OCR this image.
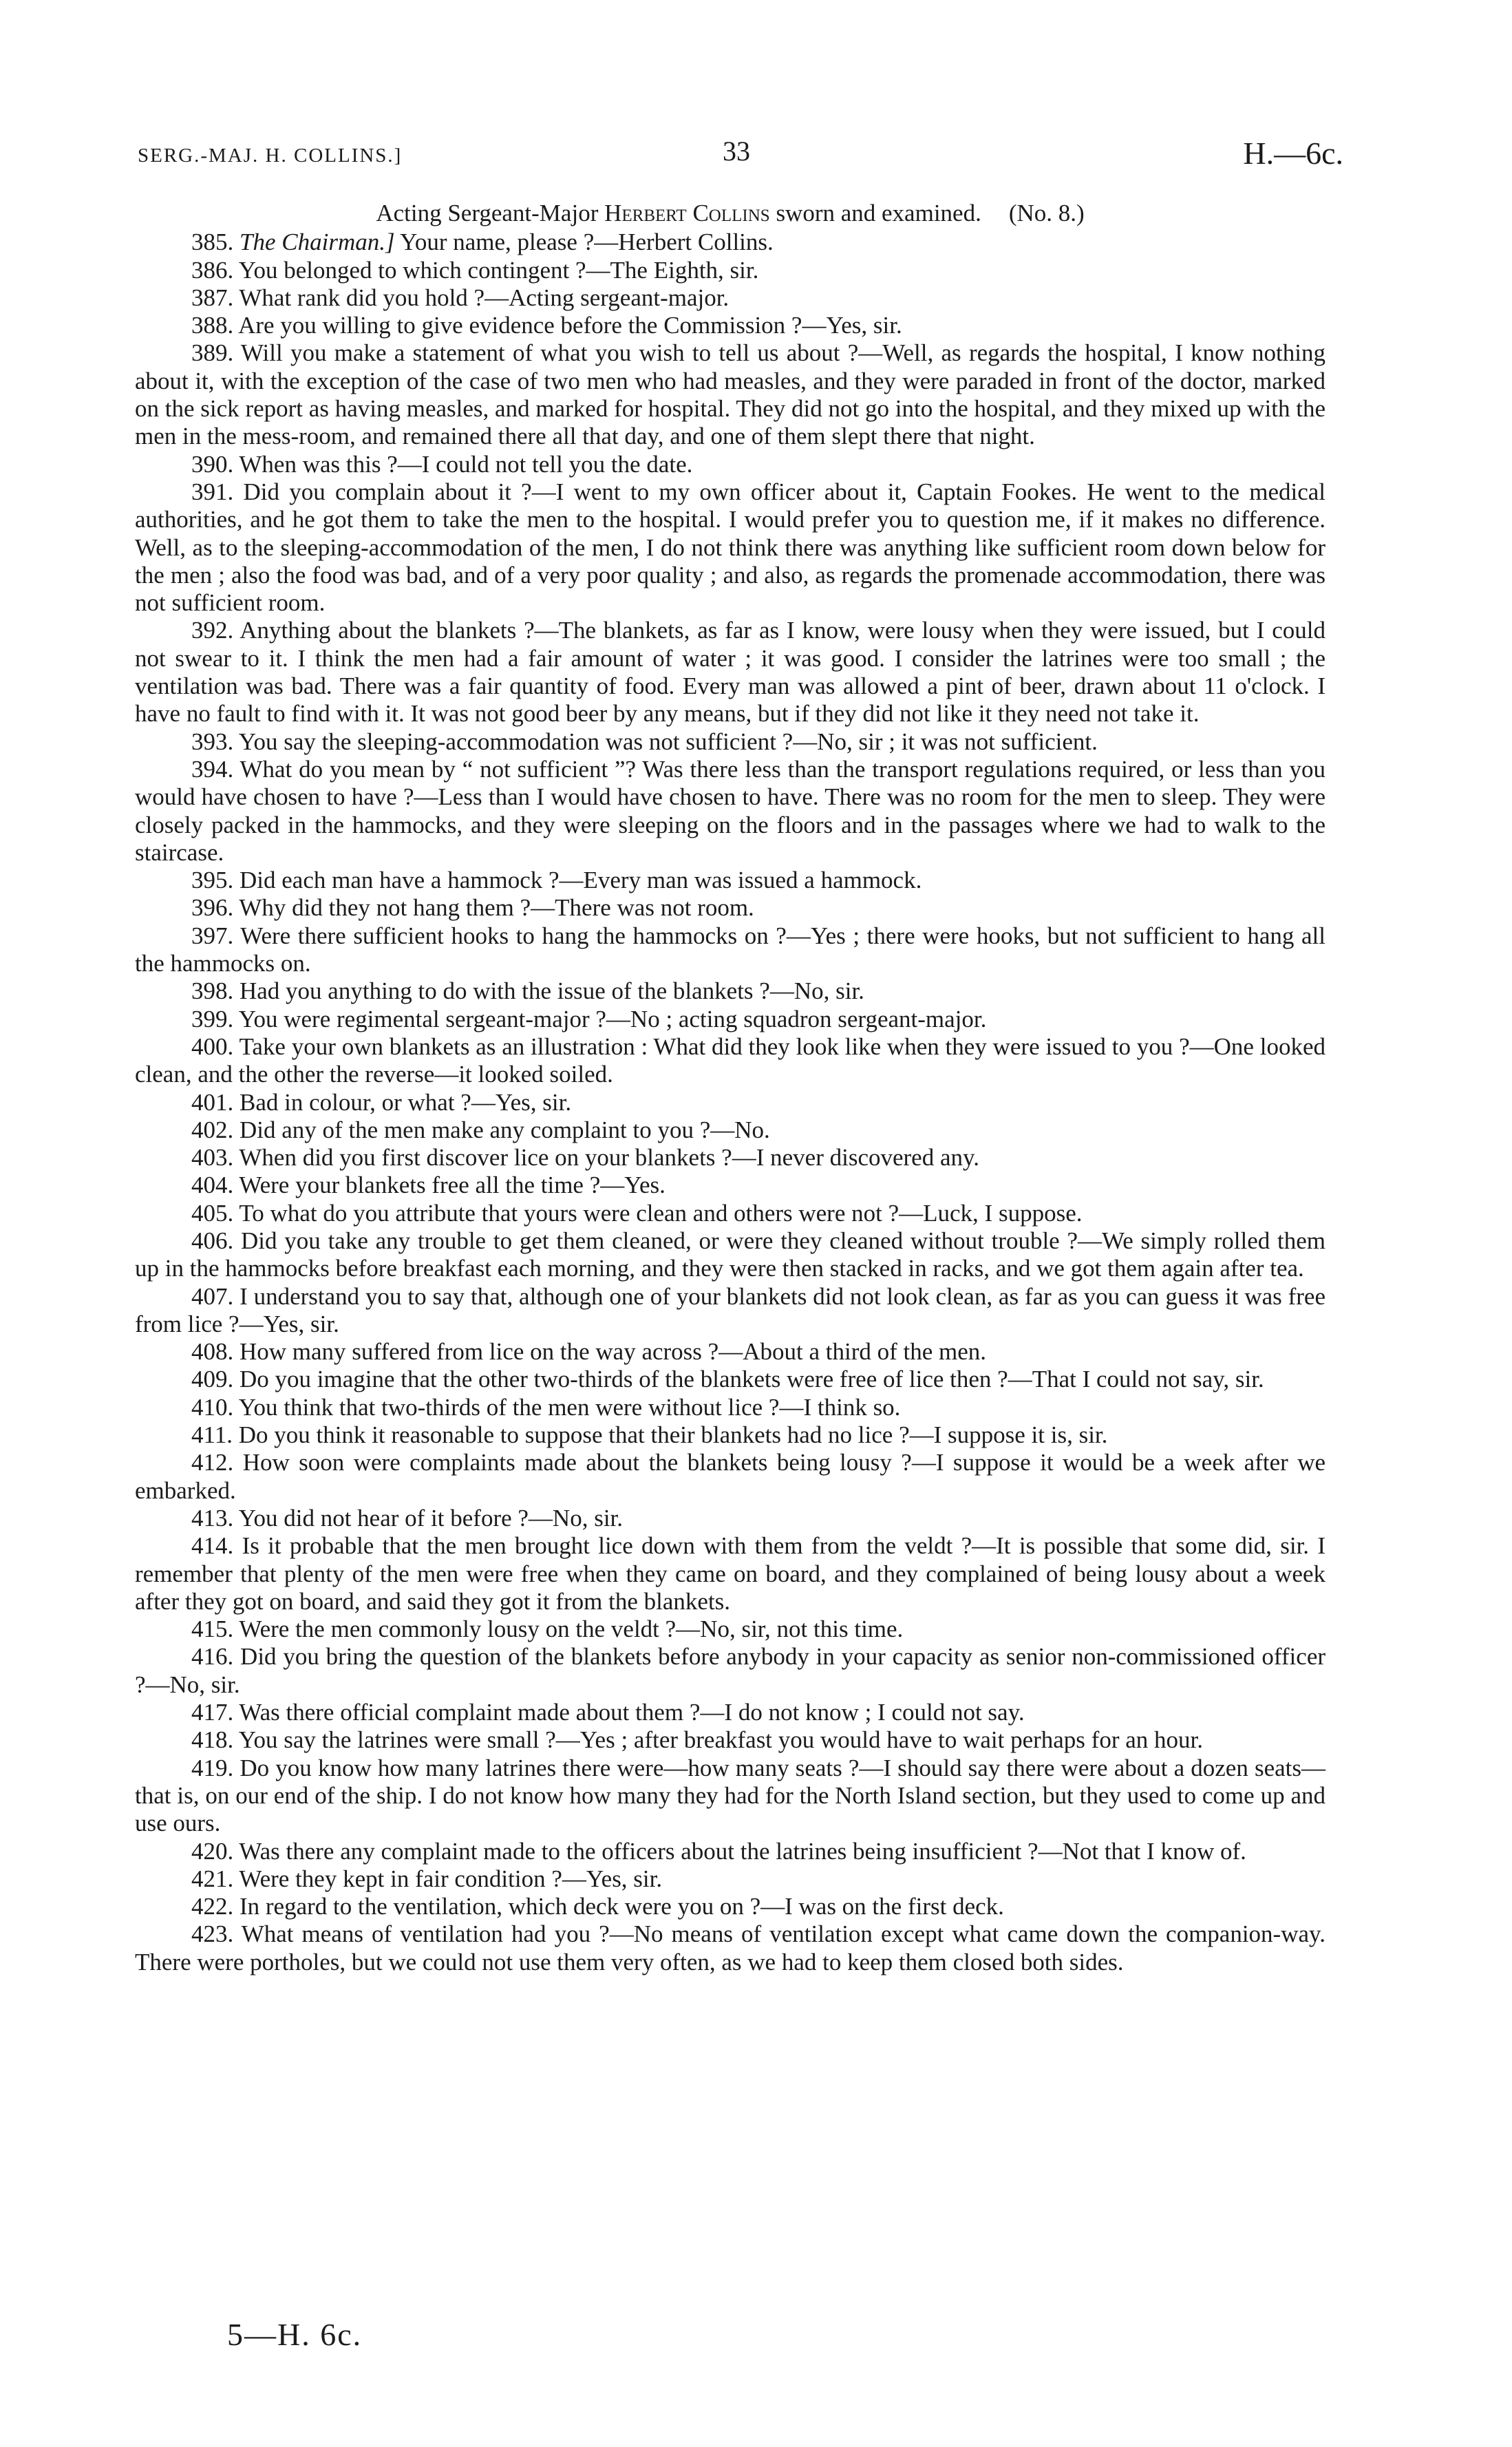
SERG.-MAJ. H. COLLINS.]	33	H.—6c.

Acting Sergeant-Major Herbert Collins sworn and examined. (No. 8.)

385. The Chairman.] Your name, please ?—Herbert Collins.

386. You belonged to which contingent ?—The Eighth, sir.

387. What rank did you hold ?—Acting sergeant-major.

388. Are you willing to give evidence before the Commission ?—Yes, sir.

389. Will you make a statement of what you wish to tell us about ?—Well, as regards the hospital, I know nothing about it, with the exception of the case of two men who had measles, and they were paraded in front of the doctor, marked on the sick report as having measles, and marked for hospital. They did not go into the hospital, and they mixed up with the men in the mess-room, and remained there all that day, and one of them slept there that night.

390. When was this ?—I could not tell you the date.

391. Did you complain about it ?—I went to my own officer about it, Captain Fookes. He went to the medical authorities, and he got them to take the men to the hospital. I would prefer you to question me, if it makes no difference. Well, as to the sleeping-accommodation of the men, I do not think there was anything like sufficient room down below for the men ; also the food was bad, and of a very poor quality ; and also, as regards the promenade accommodation, there was not sufficient room.

392. Anything about the blankets ?—The blankets, as far as I know, were lousy when they were issued, but I could not swear to it. I think the men had a fair amount of water ; it was good. I consider the latrines were too small ; the ventilation was bad. There was a fair quantity of food. Every man was allowed a pint of beer, drawn about 11 o'clock. I have no fault to find with it. It was not good beer by any means, but if they did not like it they need not take it.

393. You say the sleeping-accommodation was not sufficient ?—No, sir ; it was not sufficient.

394. What do you mean by “ not sufficient ”? Was there less than the transport regulations required, or less than you would have chosen to have ?—Less than I would have chosen to have. There was no room for the men to sleep. They were closely packed in the hammocks, and they were sleeping on the floors and in the passages where we had to walk to the staircase.

395. Did each man have a hammock ?—Every man was issued a hammock.

396. Why did they not hang them ?—There was not room.

397. Were there sufficient hooks to hang the hammocks on ?—Yes ; there were hooks, but not sufficient to hang all the hammocks on.

398. Had you anything to do with the issue of the blankets ?—No, sir.

399. You were regimental sergeant-major ?—No ; acting squadron sergeant-major.

400. Take your own blankets as an illustration : What did they look like when they were issued to you ?—One looked clean, and the other the reverse—it looked soiled.

401. Bad in colour, or what ?—Yes, sir.

402. Did any of the men make any complaint to you ?—No.

403. When did you first discover lice on your blankets ?—I never discovered any.

404. Were your blankets free all the time ?—Yes.

405. To what do you attribute that yours were clean and others were not ?—Luck, I suppose.

406. Did you take any trouble to get them cleaned, or were they cleaned without trouble ?—We simply rolled them up in the hammocks before breakfast each morning, and they were then stacked in racks, and we got them again after tea.

407. I understand you to say that, although one of your blankets did not look clean, as far as you can guess it was free from lice ?—Yes, sir.

408. How many suffered from lice on the way across ?—About a third of the men.

409. Do you imagine that the other two-thirds of the blankets were free of lice then ?—That I could not say, sir.

410. You think that two-thirds of the men were without lice ?—I think so.

411. Do you think it reasonable to suppose that their blankets had no lice ?—I suppose it is, sir.

412. How soon were complaints made about the blankets being lousy ?—I suppose it would be a week after we embarked.

413. You did not hear of it before ?—No, sir.

414. Is it probable that the men brought lice down with them from the veldt ?—It is possible that some did, sir. I remember that plenty of the men were free when they came on board, and they complained of being lousy about a week after they got on board, and said they got it from the blankets.

415. Were the men commonly lousy on the veldt ?—No, sir, not this time.

416. Did you bring the question of the blankets before anybody in your capacity as senior non-commissioned officer ?—No, sir.

417. Was there official complaint made about them ?—I do not know ; I could not say.

418. You say the latrines were small ?—Yes ; after breakfast you would have to wait perhaps for an hour.

419. Do you know how many latrines there were—how many seats ?—I should say there were about a dozen seats—that is, on our end of the ship. I do not know how many they had for the North Island section, but they used to come up and use ours.

420. Was there any complaint made to the officers about the latrines being insufficient ?—Not that I know of.

421. Were they kept in fair condition ?—Yes, sir.

422. In regard to the ventilation, which deck were you on ?—I was on the first deck.

423. What means of ventilation had you ?—No means of ventilation except what came down the companion-way. There were portholes, but we could not use them very often, as we had to keep them closed both sides.

5—H. 6c.
